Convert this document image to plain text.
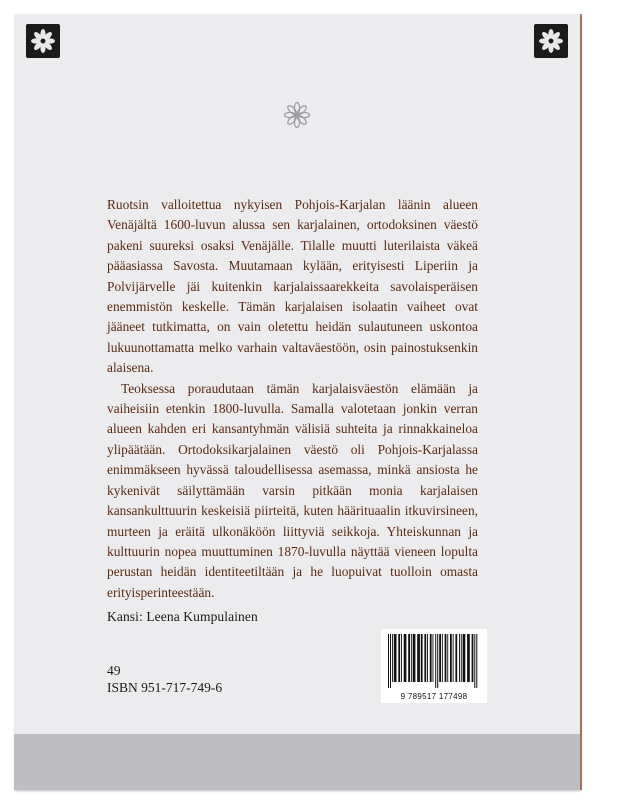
Ruotsin valloitettua nykyisen Pohjois-Karjalan läänin alueen Venäjältä 1600-luvun alussa sen karjalainen, ortodoksinen väestö pakeni suureksi osaksi Venäjälle. Tilalle muutti luterilaista väkeä pääasiassa Savosta. Muutamaan kylään, erityisesti Liperiin ja Polvijärvelle jäi kuitenkin karjalaissaarekkeita savolaisperäisen enemmistön keskelle. Tämän karjalaisen isolaatin vaiheet ovat jääneet tutkimatta, on vain oletettu heidän sulautuneen uskontoa lukuunottamatta melko varhain valtaväestöön, osin painostuksenkin alaisena.

Teoksessa poraudutaan tämän karjalaisväestön elämään ja vaiheisiin etenkin 1800-luvulla. Samalla valotetaan jonkin verran alueen kahden eri kansantyhmän välisiä suhteita ja rinnakkaineloa ylipäätään. Ortodoksikarjalainen väestö oli Pohjois-Karjalassa enimmäkseen hyvässä taloudellisessa asemassa, minkä ansiosta he kykenivät säilyttämään varsin pitkään monia karjalaisen kansankulttuurin keskeisiä piirteitä, kuten häärituaalin itkuvirsineen, murteen ja eräitä ulkonäköön liittyviä seikkoja. Yhteiskunnan ja kulttuurin nopea muuttuminen 1870-luvulla näyttää vieneen lopulta perustan heidän identiteetiltään ja he luopuivat tuolloin omasta erityisperinteestään.

Kansi: Leena Kumpulainen
49
ISBN 951-717-749-6
9 789517 177498
